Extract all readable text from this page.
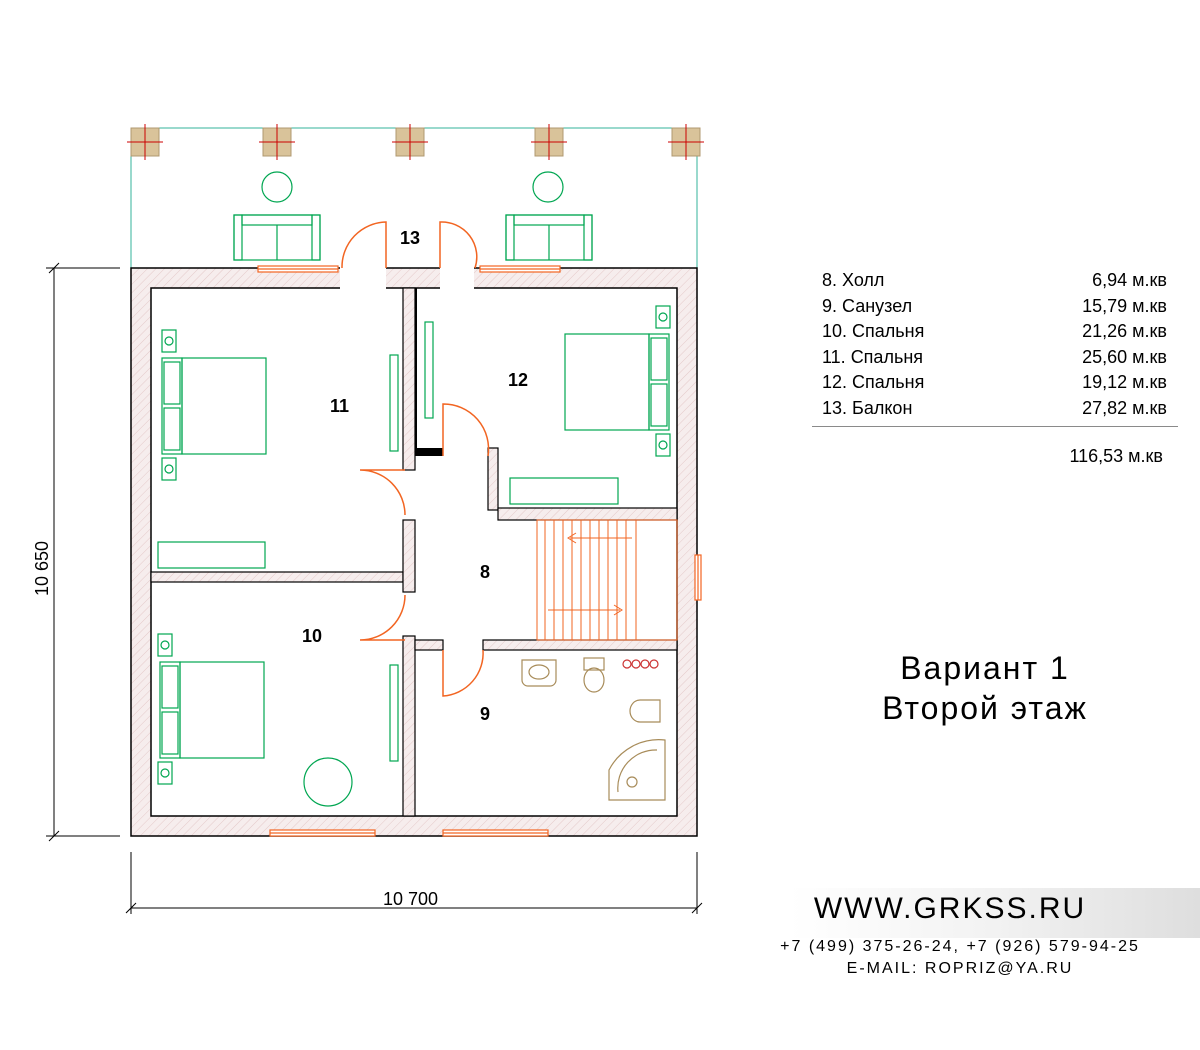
8
9
10
11
12
13
10 650
10 700
8. Холл	6,94 м.кв
9. Санузел	15,79 м.кв
10. Спальня	21,26 м.кв
11. Спальня	25,60 м.кв
12. Спальня	19,12 м.кв
13. Балкон	27,82 м.кв
116,53 м.кв
Вариант 1
Второй этаж
WWW.GRKSS.RU
+7 (499) 375-26-24, +7 (926) 579-94-25
E-MAIL: ROPRIZ@YA.RU
